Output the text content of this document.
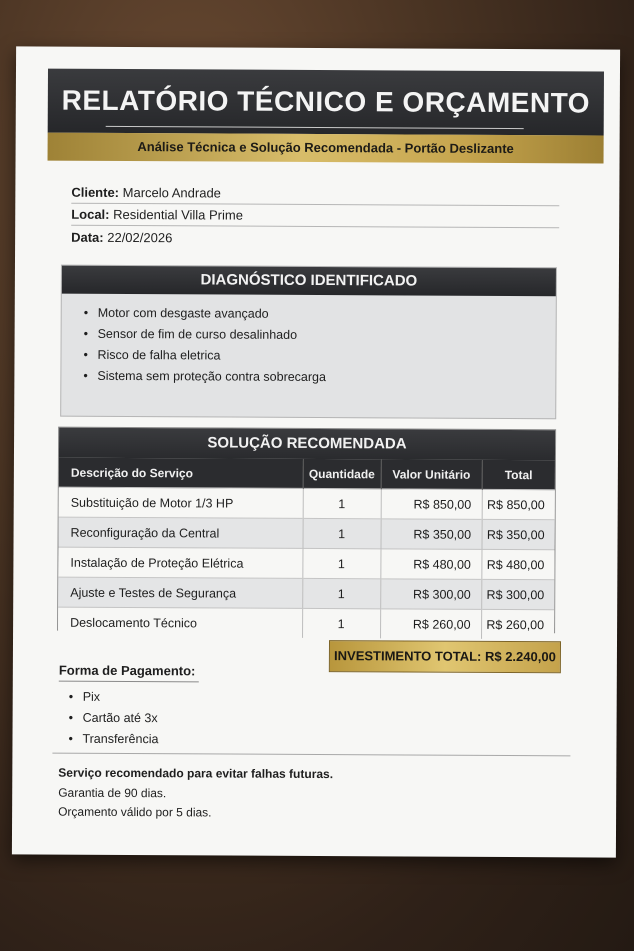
RELATÓRIO TÉCNICO E ORÇAMENTO
Análise Técnica e Solução Recomendada - Portão Deslizante
Cliente: Marcelo Andrade
Local: Residential Villa Prime
Data: 22/02/2026
DIAGNÓSTICO IDENTIFICADO
• Motor com desgaste avançado
• Sensor de fim de curso desalinhado
• Risco de falha eletrica
• Sistema sem proteção contra sobrecarga
SOLUÇÃO RECOMENDADA
Descrição do Serviço	Quantidade	Valor Unitário	Total
Substituição de Motor 1/3 HP	1	R$ 850,00	R$ 850,00
Reconfiguração da Central	1	R$ 350,00	R$ 350,00
Instalação de Proteção Elétrica	1	R$ 480,00	R$ 480,00
Ajuste e Testes de Segurança	1	R$ 300,00	R$ 300,00
Deslocamento Técnico	1	R$ 260,00	R$ 260,00
INVESTIMENTO TOTAL: R$ 2.240,00
Forma de Pagamento:
• Pix
• Cartão até 3x
• Transferência
Serviço recomendado para evitar falhas futuras.
Garantia de 90 dias.
Orçamento válido por 5 dias.
